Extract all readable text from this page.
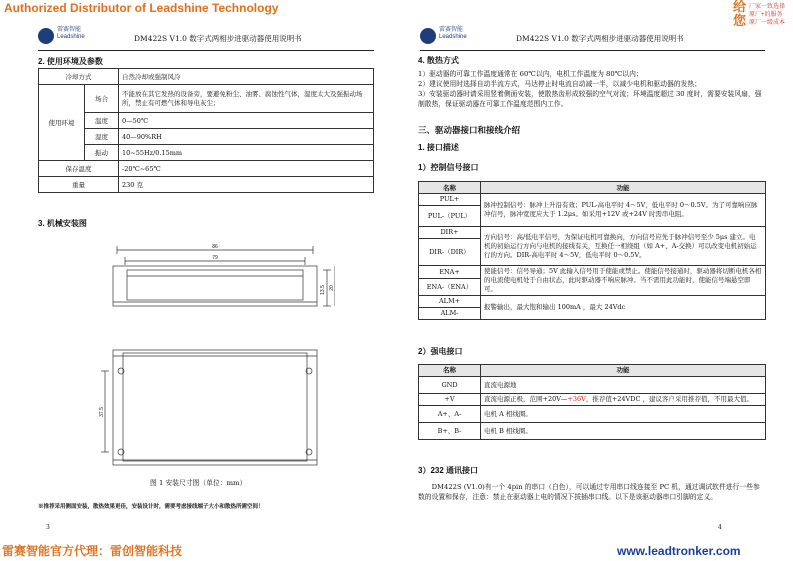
Authorized Distributor of Leadshine Technology	给您
厂家一致选择
原厂+的服务
原厂一级成本
雷赛智能
Leadshine	DM422S V1.0 数字式两相步进驱动器使用说明书
2. 使用环境及参数
冷却方式		自然冷却或强制风冷
使用环境	场合	不能放在其它发热的设备旁，要避免粉尘、油雾、腐蚀性气体，湿度太大及强振动场所，禁止有可燃气体和导电灰尘；
	温度	0—50℃
	湿度	40—90%RH
	振动	10~55Hz/0.15mm
保存温度		-20℃~65℃
重量		230 克
3. 机械安装图
86
79
13.5 20
37.5
图 1 安装尺寸图（单位：mm）
※推荐采用侧面安装，散热效果更佳，安装设计时，需要考虑接线端子大小和散热所需空间！
3
雷赛智能
Leadshine	DM422S V1.0 数字式两相步进驱动器使用说明书
4. 散热方式
1）驱动器的可靠工作温度通常在 60℃以内，电机工作温度为 80℃以内；
2）建议使用时选择自动半流方式，马达停止时电流自动减一半，以减少电机和驱动器的发热；
3）安装驱动器时请采用竖着侧面安装，使散热齿形成较强的空气对流；环境温度超过 30 度时，需要安装风扇，强制散热，保证驱动器在可靠工作温度范围内工作。
三、驱动器接口和接线介绍
1. 接口描述
1）控制信号接口
名称	功能
PUL+	脉冲控制信号：脉冲上升沿有效；PUL-高电平时 4～5V，低电平时 0～0.5V。为了可靠响应脉冲信号，脉冲宽度应大于 1.2μs。如采用+12V 或+24V 时需串电阻。
PUL-（PUL）	
DIR+	方向信号：高/低电平信号，为保证电机可靠换向，方向信号应先于脉冲信号至少 5μs 建立。电机的初始运行方向与电机的接线有关，互换任一相绕组（如 A+、A-交换）可以改变电机初始运行的方向。DIR-高电平时 4～5V，低电平时 0～0.5V。
DIR-（DIR）	
ENA+	使能信号：信号导通；5V 此输入信号用于使能或禁止。使能信号接通时，驱动器将切断电机各相的电流使电机处于自由状态，此时驱动器不响应脉冲。当不需用此功能时，使能信号端悬空即可。
ENA-（ENA）	
ALM+	报警输出，最大饱和输出 100mA ，最大 24Vdc
ALM-	
2）强电接口
名称	功能
GND	直流电源地
+V	直流电源正极，范围+20V—+36V，推荐值+24VDC ，建议客户采用推荐值，不用最大值。
A+、A-	电机 A 相线圈。
B+、B-	电机 B 相线圈。
3）232 通讯接口
DM422S (V1.0)有一个 4pin 的串口（白色），可以通过专用串口线连接至 PC 机，通过调试软件进行一些参数的设置和保存，注意：禁止在驱动器上电的情况下拔插串口线。以下是该驱动器串口引脚的定义。
4
雷赛智能官方代理：雷创智能科技	www.leadtronker.com
